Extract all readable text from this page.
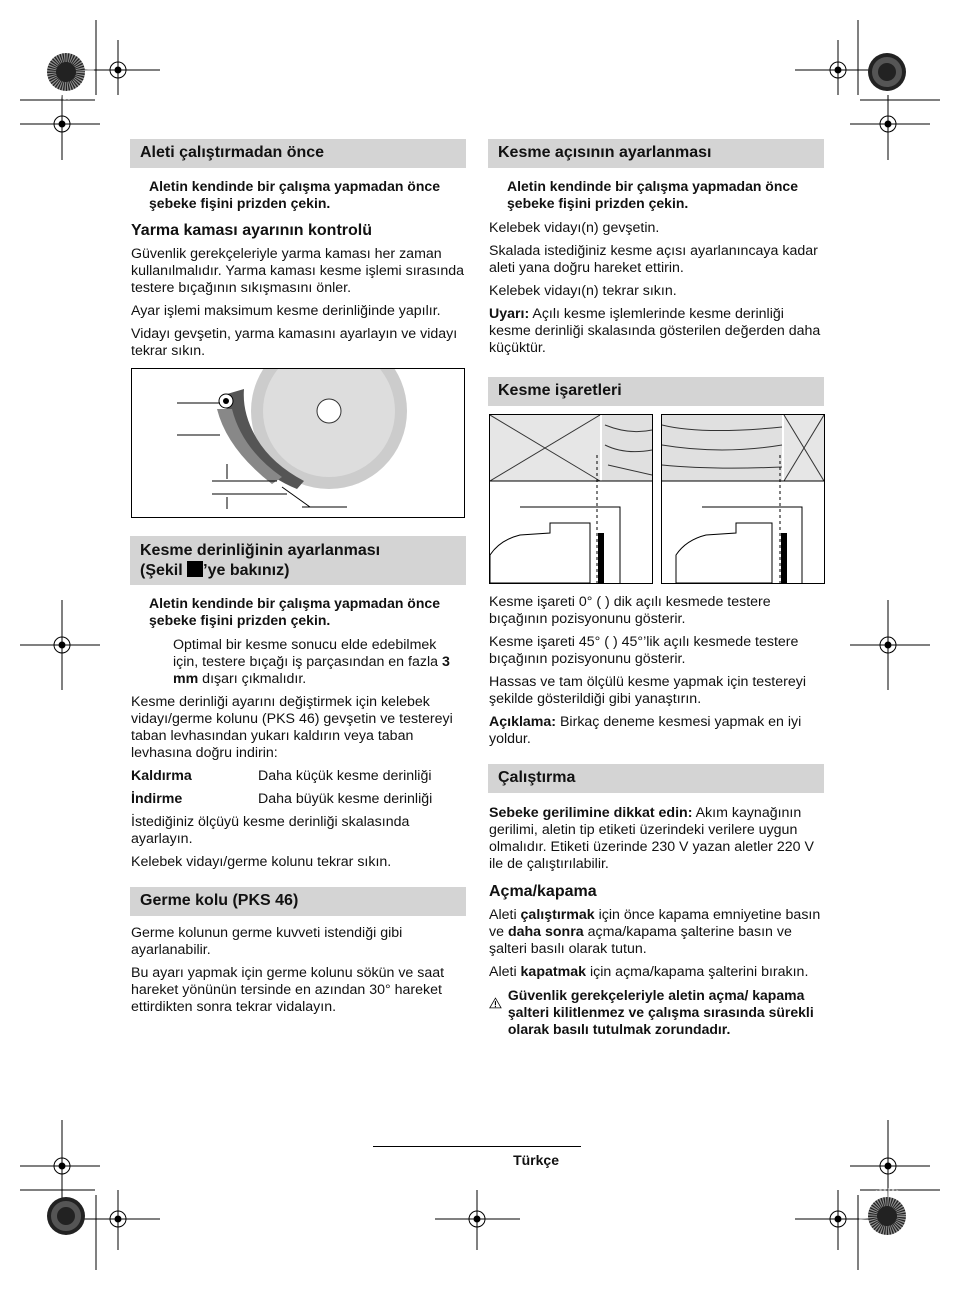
Aleti çalıştırmadan önce
Aletin kendinde bir çalışma yapmadan önce şebeke fişini prizden çekin.
Yarma kaması ayarının kontrolü

Güvenlik gerekçeleriyle yarma kaması her zaman kullanılmalıdır. Yarma kaması kesme işlemi sırasında testere bıçağının sıkışmasını önler.

Ayar işlemi maksimum kesme derinliğinde yapılır.

Vidayı gevşetin, yarma kamasını ayarlayın ve vidayı tekrar sıkın.

Kesme derinliğinin ayarlanması
(Şekil ’ye bakınız)
Aletin kendinde bir çalışma yapmadan önce şebeke fişini prizden çekin.

Optimal bir kesme sonucu elde edebilmek için, testere bıçağı iş parçasından en fazla 3 mm dışarı çıkmalıdır.

Kesme derinliği ayarını değiştirmek için kelebek vidayı/germe kolunu (PKS 46) gevşetin ve testereyi taban levhasından yukarı kaldırın veya taban levhasına doğru indirin:

Kaldırma	Daha küçük kesme derinliği
İndirme	Daha büyük kesme derinliği

İstediğiniz ölçüyü kesme derinliği skalasında ayarlayın.

Kelebek vidayı/germe kolunu tekrar sıkın.

Germe kolu (PKS 46)

Germe kolunun germe kuvveti istendiği gibi ayarlanabilir.

Bu ayarı yapmak için germe kolunu sökün ve saat hareket yönünün tersinde en azından 30° hareket ettirdikten sonra tekrar vidalayın.

Kesme açısının ayarlanması
Aletin kendinde bir çalışma yapmadan önce şebeke fişini prizden çekin.

Kelebek vidayı(n) gevşetin.

Skalada istediğiniz kesme açısı ayarlanıncaya kadar aleti yana doğru hareket ettirin.

Kelebek vidayı(n) tekrar sıkın.

Uyarı: Açılı kesme işlemlerinde kesme derinliği kesme derinliği skalasında gösterilen değerden daha küçüktür.

Kesme işaretleri

Kesme işareti 0° ( ) dik açılı kesmede testere bıçağının pozisyonunu gösterir.

Kesme işareti 45° ( ) 45°’lik açılı kesmede testere bıçağının pozisyonunu gösterir.

Hassas ve tam ölçülü kesme yapmak için testereyi şekilde gösterildiği gibi yanaştırın.

Açıklama: Birkaç deneme kesmesi yapmak en iyi yoldur.

Çalıştırma

Sebeke gerilimine dikkat edin: Akım kaynağının gerilimi, aletin tip etiketi üzerindeki verilere uygun olmalıdır. Etiketi üzerinde 230 V yazan aletler 220 V ile de çalıştırılabilir.

Açma/kapama

Aleti çalıştırmak için önce kapama emniyetine basın ve daha sonra açma/kapama şalterine basın ve şalteri basılı olarak tutun.

Aleti kapatmak için açma/kapama şalterini bırakın.

Güvenlik gerekçeleriyle aletin açma/ kapama şalteri kilitlenmez ve çalışma sırasında sürekli olarak basılı tutulmak zorundadır.
Türkçe
